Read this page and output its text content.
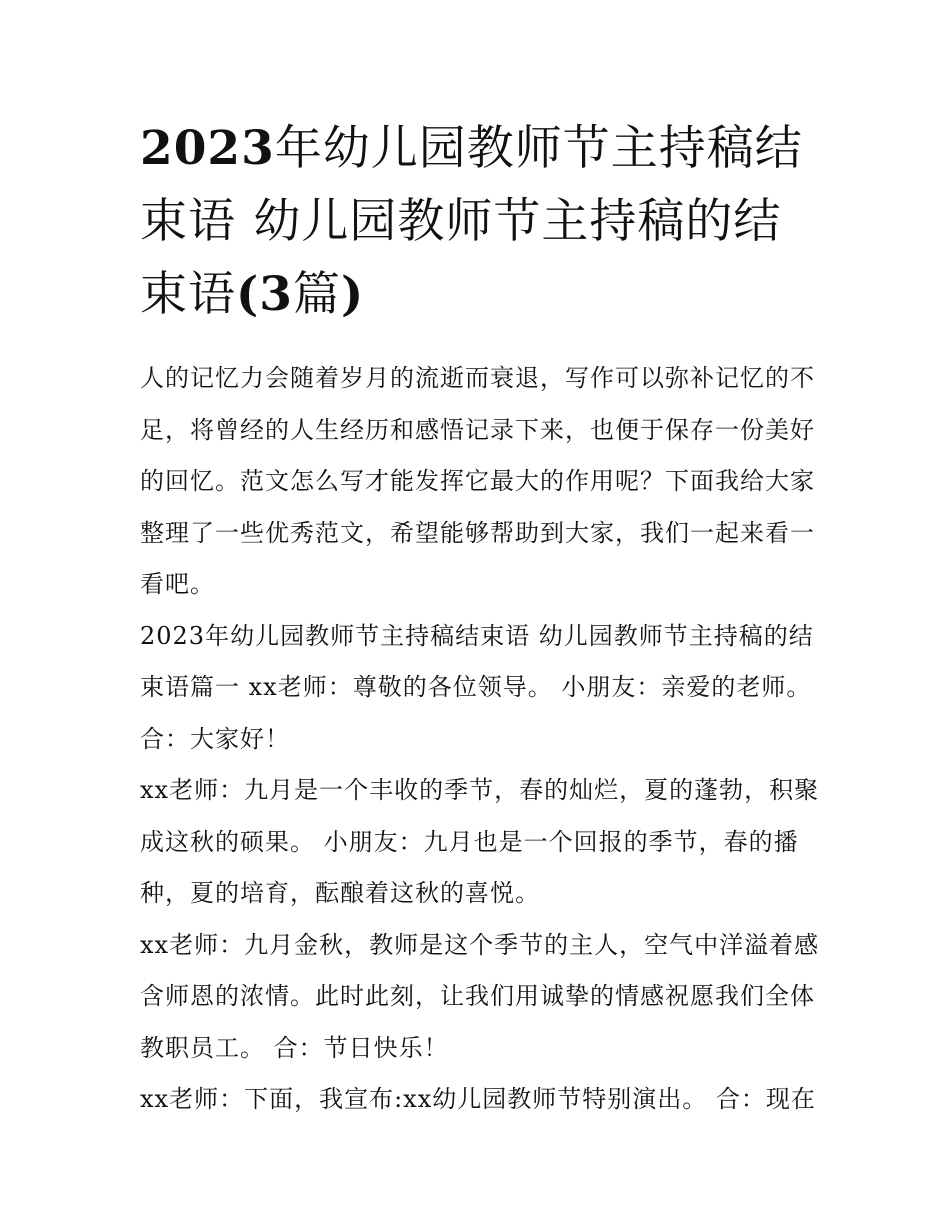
2023年幼儿园教师节主持稿结束语 幼儿园教师节主持稿的结束语(3篇)

人的记忆力会随着岁月的流逝而衰退，写作可以弥补记忆的不足，将曾经的人生经历和感悟记录下来，也便于保存一份美好的回忆。范文怎么写才能发挥它最大的作用呢？下面我给大家整理了一些优秀范文，希望能够帮助到大家，我们一起来看一看吧。

2023年幼儿园教师节主持稿结束语 幼儿园教师节主持稿的结束语篇一 xx老师：尊敬的各位领导。 小朋友：亲爱的老师。 合：大家好！

xx老师：九月是一个丰收的季节，春的灿烂，夏的蓬勃，积聚成这秋的硕果。 小朋友：九月也是一个回报的季节，春的播种，夏的培育，酝酿着这秋的喜悦。

xx老师：九月金秋，教师是这个季节的主人，空气中洋溢着感含师恩的浓情。此时此刻，让我们用诚挚的情感祝愿我们全体教职员工。 合：节日快乐！

xx老师：下面，我宣布:xx幼儿园教师节特别演出。 合：现在
